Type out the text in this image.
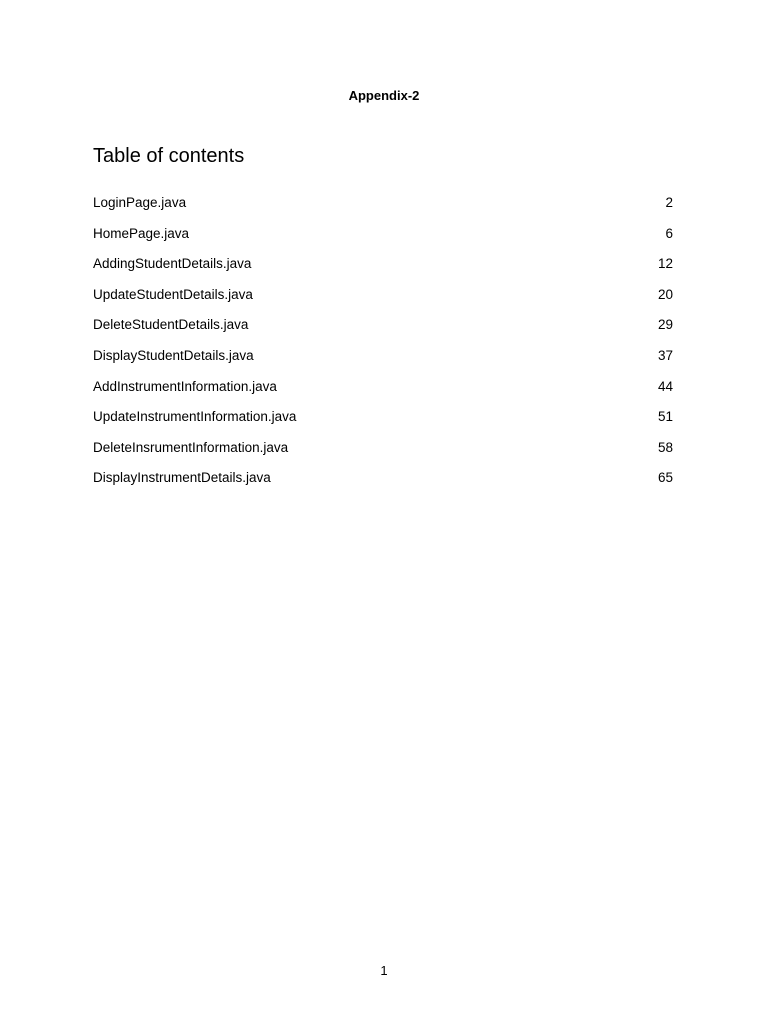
Appendix-2
Table of contents
LoginPage.java	2
HomePage.java	6
AddingStudentDetails.java	12
UpdateStudentDetails.java	20
DeleteStudentDetails.java	29
DisplayStudentDetails.java	37
AddInstrumentInformation.java	44
UpdateInstrumentInformation.java	51
DeleteInsrumentInformation.java	58
DisplayInstrumentDetails.java	65
1
